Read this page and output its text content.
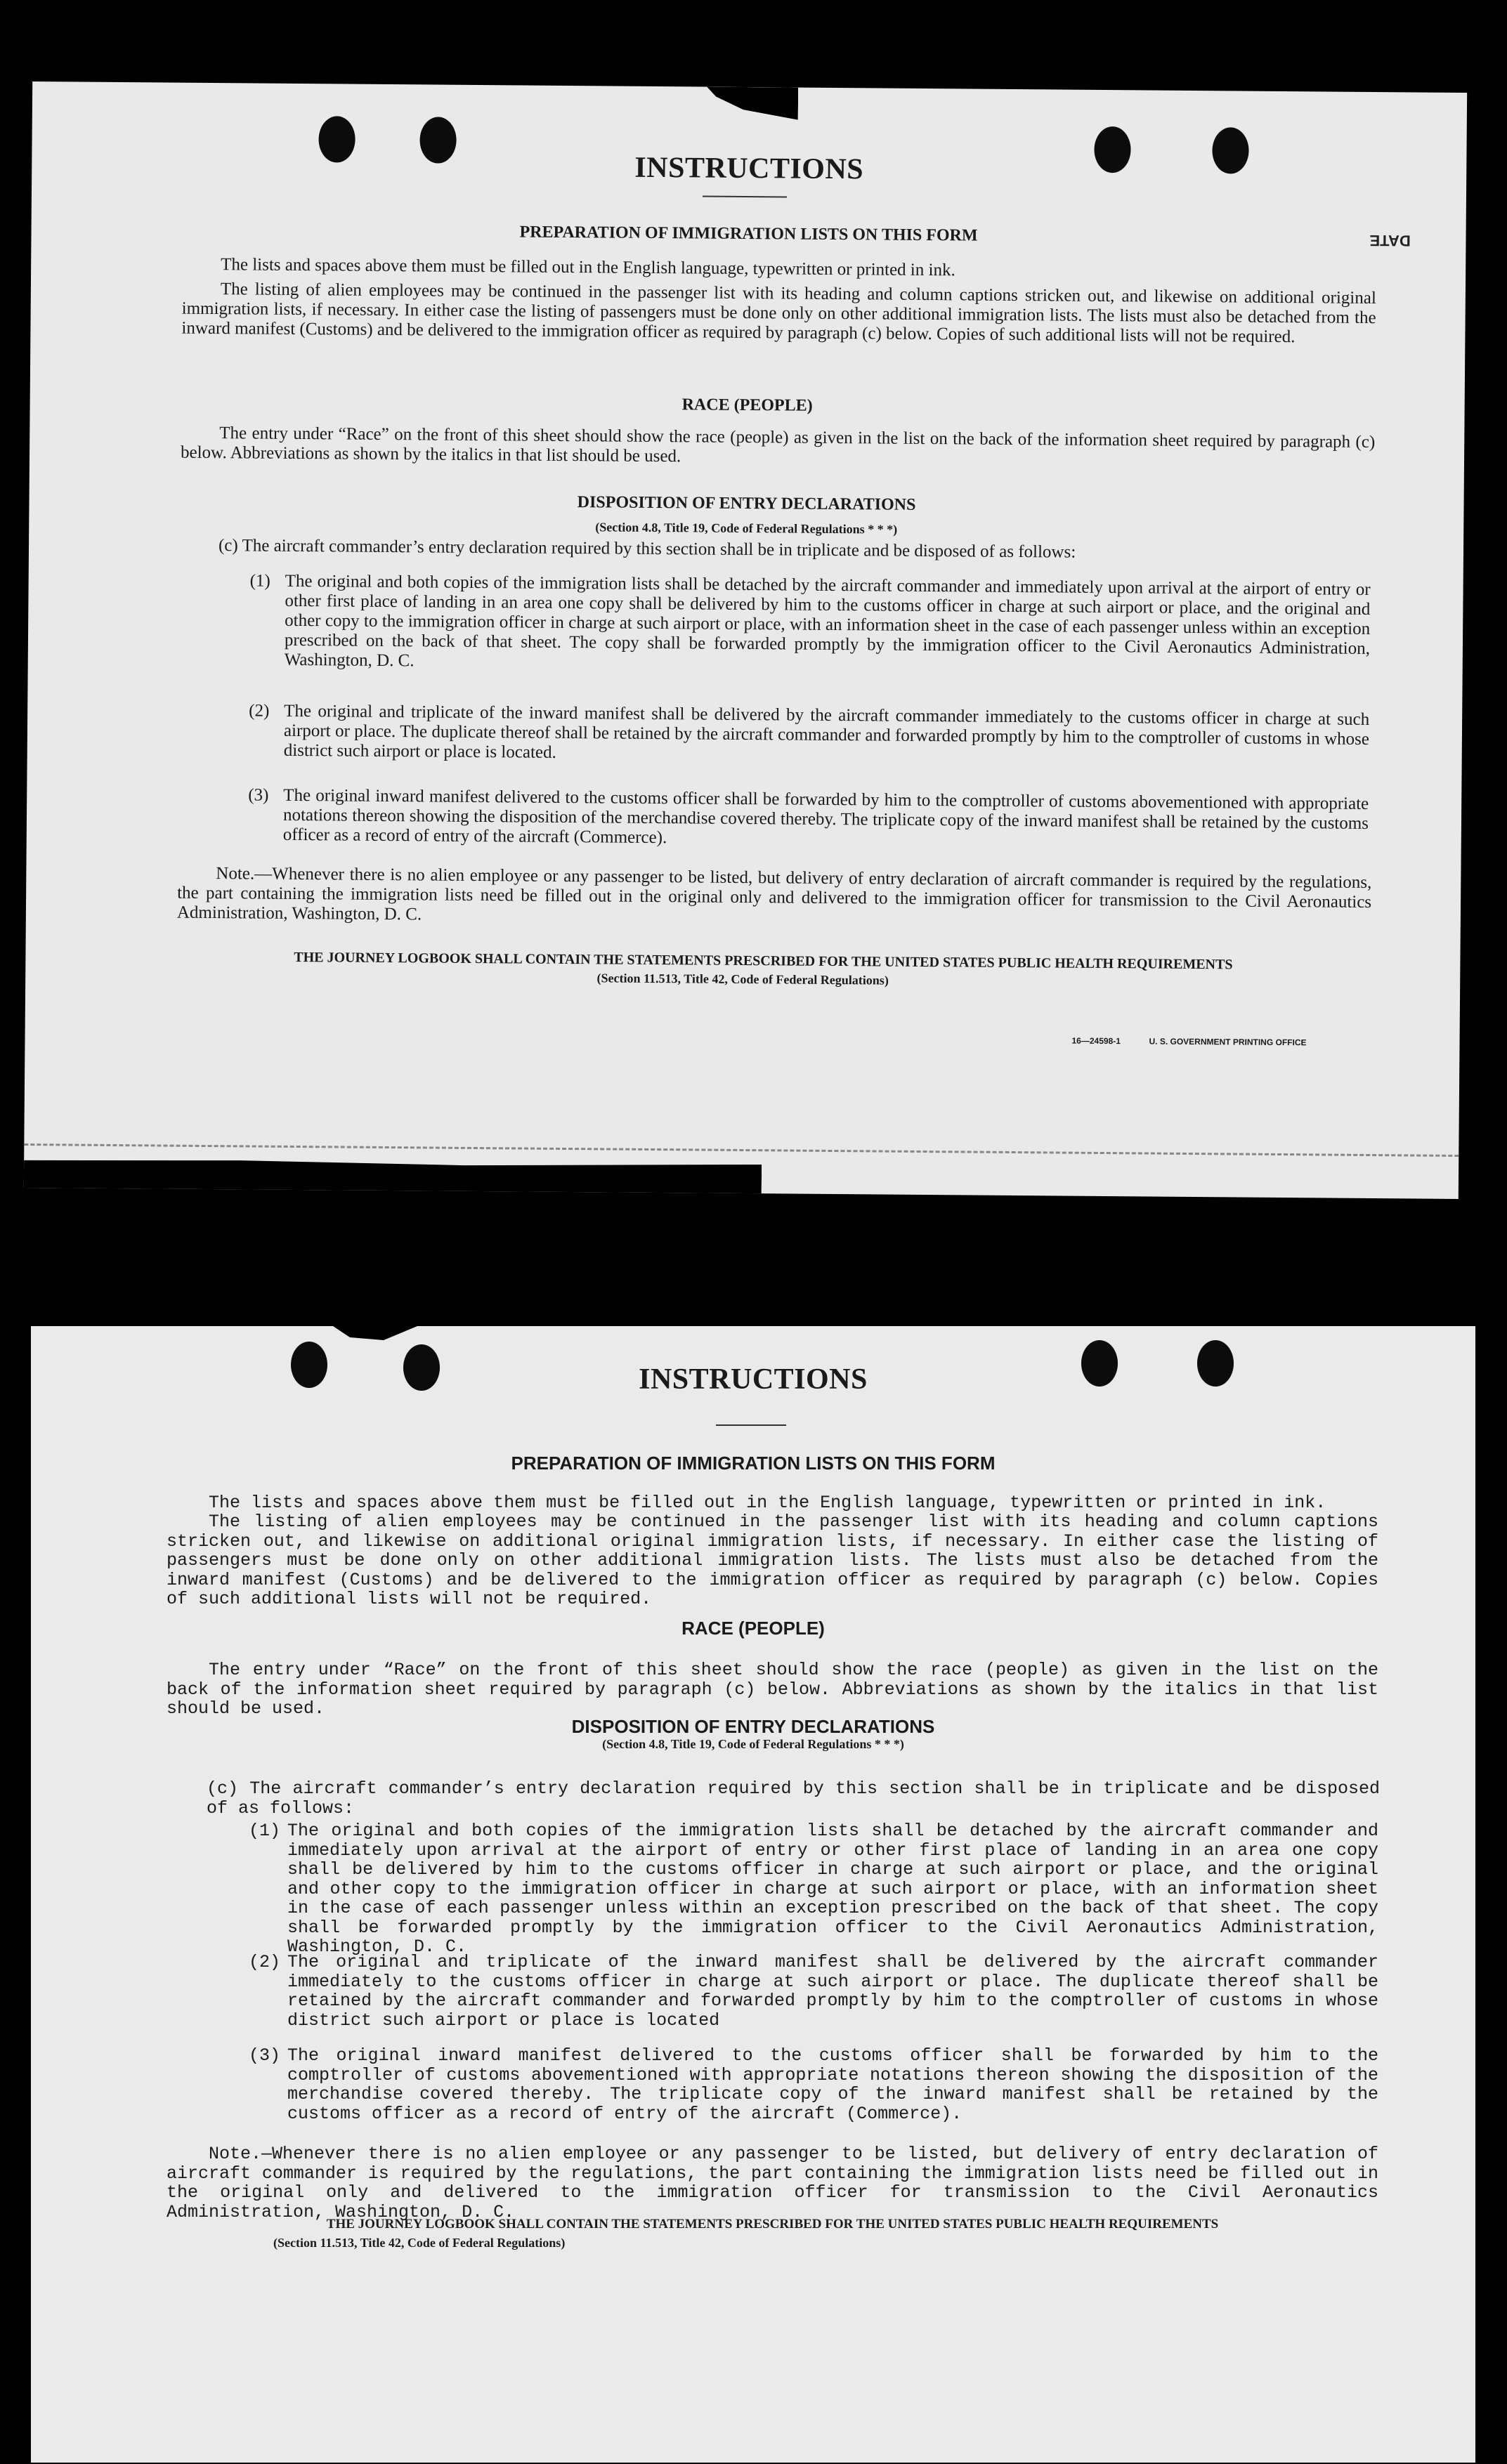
INSTRUCTIONS
DATE
PREPARATION OF IMMIGRATION LISTS ON THIS FORM

The lists and spaces above them must be filled out in the English language, typewritten or printed in ink.

The listing of alien employees may be continued in the passenger list with its heading and column captions stricken out, and likewise on additional original immigration lists, if necessary. In either case the listing of passengers must be done only on other additional immigration lists. The lists must also be detached from the inward manifest (Customs) and be delivered to the immigration officer as required by paragraph (c) below. Copies of such additional lists will not be required.

RACE (PEOPLE)

The entry under “Race” on the front of this sheet should show the race (people) as given in the list on the back of the information sheet required by paragraph (c) below. Abbreviations as shown by the italics in that list should be used.

DISPOSITION OF ENTRY DECLARATIONS
(Section 4.8, Title 19, Code of Federal Regulations * * *)

(c) The aircraft commander’s entry declaration required by this section shall be in triplicate and be disposed of as follows:

(1) The original and both copies of the immigration lists shall be detached by the aircraft commander and immediately upon arrival at the airport of entry or other first place of landing in an area one copy shall be delivered by him to the customs officer in charge at such airport or place, and the original and other copy to the immigration officer in charge at such airport or place, with an information sheet in the case of each passenger unless within an exception prescribed on the back of that sheet. The copy shall be forwarded promptly by the immigration officer to the Civil Aeronautics Administration, Washington, D. C.

(2) The original and triplicate of the inward manifest shall be delivered by the aircraft commander immediately to the customs officer in charge at such airport or place. The duplicate thereof shall be retained by the aircraft commander and forwarded promptly by him to the comptroller of customs in whose district such airport or place is located.

(3) The original inward manifest delivered to the customs officer shall be forwarded by him to the comptroller of customs abovementioned with appropriate notations thereon showing the disposition of the merchandise covered thereby. The triplicate copy of the inward manifest shall be retained by the customs officer as a record of entry of the aircraft (Commerce).

Note.—Whenever there is no alien employee or any passenger to be listed, but delivery of entry declaration of aircraft commander is required by the regulations, the part containing the immigration lists need be filled out in the original only and delivered to the immigration officer for transmission to the Civil Aeronautics Administration, Washington, D. C.

THE JOURNEY LOGBOOK SHALL CONTAIN THE STATEMENTS PRESCRIBED FOR THE UNITED STATES PUBLIC HEALTH REQUIREMENTS

(Section 11.513, Title 42, Code of Federal Regulations)

16—24598-1	U. S. GOVERNMENT PRINTING OFFICE

INSTRUCTIONS
PREPARATION OF IMMIGRATION LISTS ON THIS FORM

The lists and spaces above them must be filled out in the English language, typewritten or printed in ink.

The listing of alien employees may be continued in the passenger list with its heading and column captions stricken out, and likewise on additional original immigration lists, if necessary. In either case the listing of passengers must be done only on other additional immigration lists. The lists must also be detached from the inward manifest (Customs) and be delivered to the immigration officer as required by paragraph (c) below. Copies of such additional lists will not be required.

RACE (PEOPLE)

The entry under “Race” on the front of this sheet should show the race (people) as given in the list on the back of the information sheet required by paragraph (c) below. Abbreviations as shown by the italics in that list should be used.

DISPOSITION OF ENTRY DECLARATIONS
(Section 4.8, Title 19, Code of Federal Regulations * * *)

(c) The aircraft commander’s entry declaration required by this section shall be in triplicate and be disposed of as follows:

(1) The original and both copies of the immigration lists shall be detached by the aircraft commander and immediately upon arrival at the airport of entry or other first place of landing in an area one copy shall be delivered by him to the customs officer in charge at such airport or place, and the original and other copy to the immigration officer in charge at such airport or place, with an information sheet in the case of each passenger unless within an exception prescribed on the back of that sheet. The copy shall be forwarded promptly by the immigration officer to the Civil Aeronautics Administration, Washington, D. C.

(2) The original and triplicate of the inward manifest shall be delivered by the aircraft commander immediately to the customs officer in charge at such airport or place. The duplicate thereof shall be retained by the aircraft commander and forwarded promptly by him to the comptroller of customs in whose district such airport or place is located

(3) The original inward manifest delivered to the customs officer shall be forwarded by him to the comptroller of customs abovementioned with appropriate notations thereon showing the disposition of the merchandise covered thereby. The triplicate copy of the inward manifest shall be retained by the customs officer as a record of entry of the aircraft (Commerce).

Note.—Whenever there is no alien employee or any passenger to be listed, but delivery of entry declaration of aircraft commander is required by the regulations, the part containing the immigration lists need be filled out in the original only and delivered to the immigration officer for transmission to the Civil Aeronautics Administration, Washington, D. C.

THE JOURNEY LOGBOOK SHALL CONTAIN THE STATEMENTS PRESCRIBED FOR THE UNITED STATES PUBLIC HEALTH REQUIREMENTS

(Section 11.513, Title 42, Code of Federal Regulations)
